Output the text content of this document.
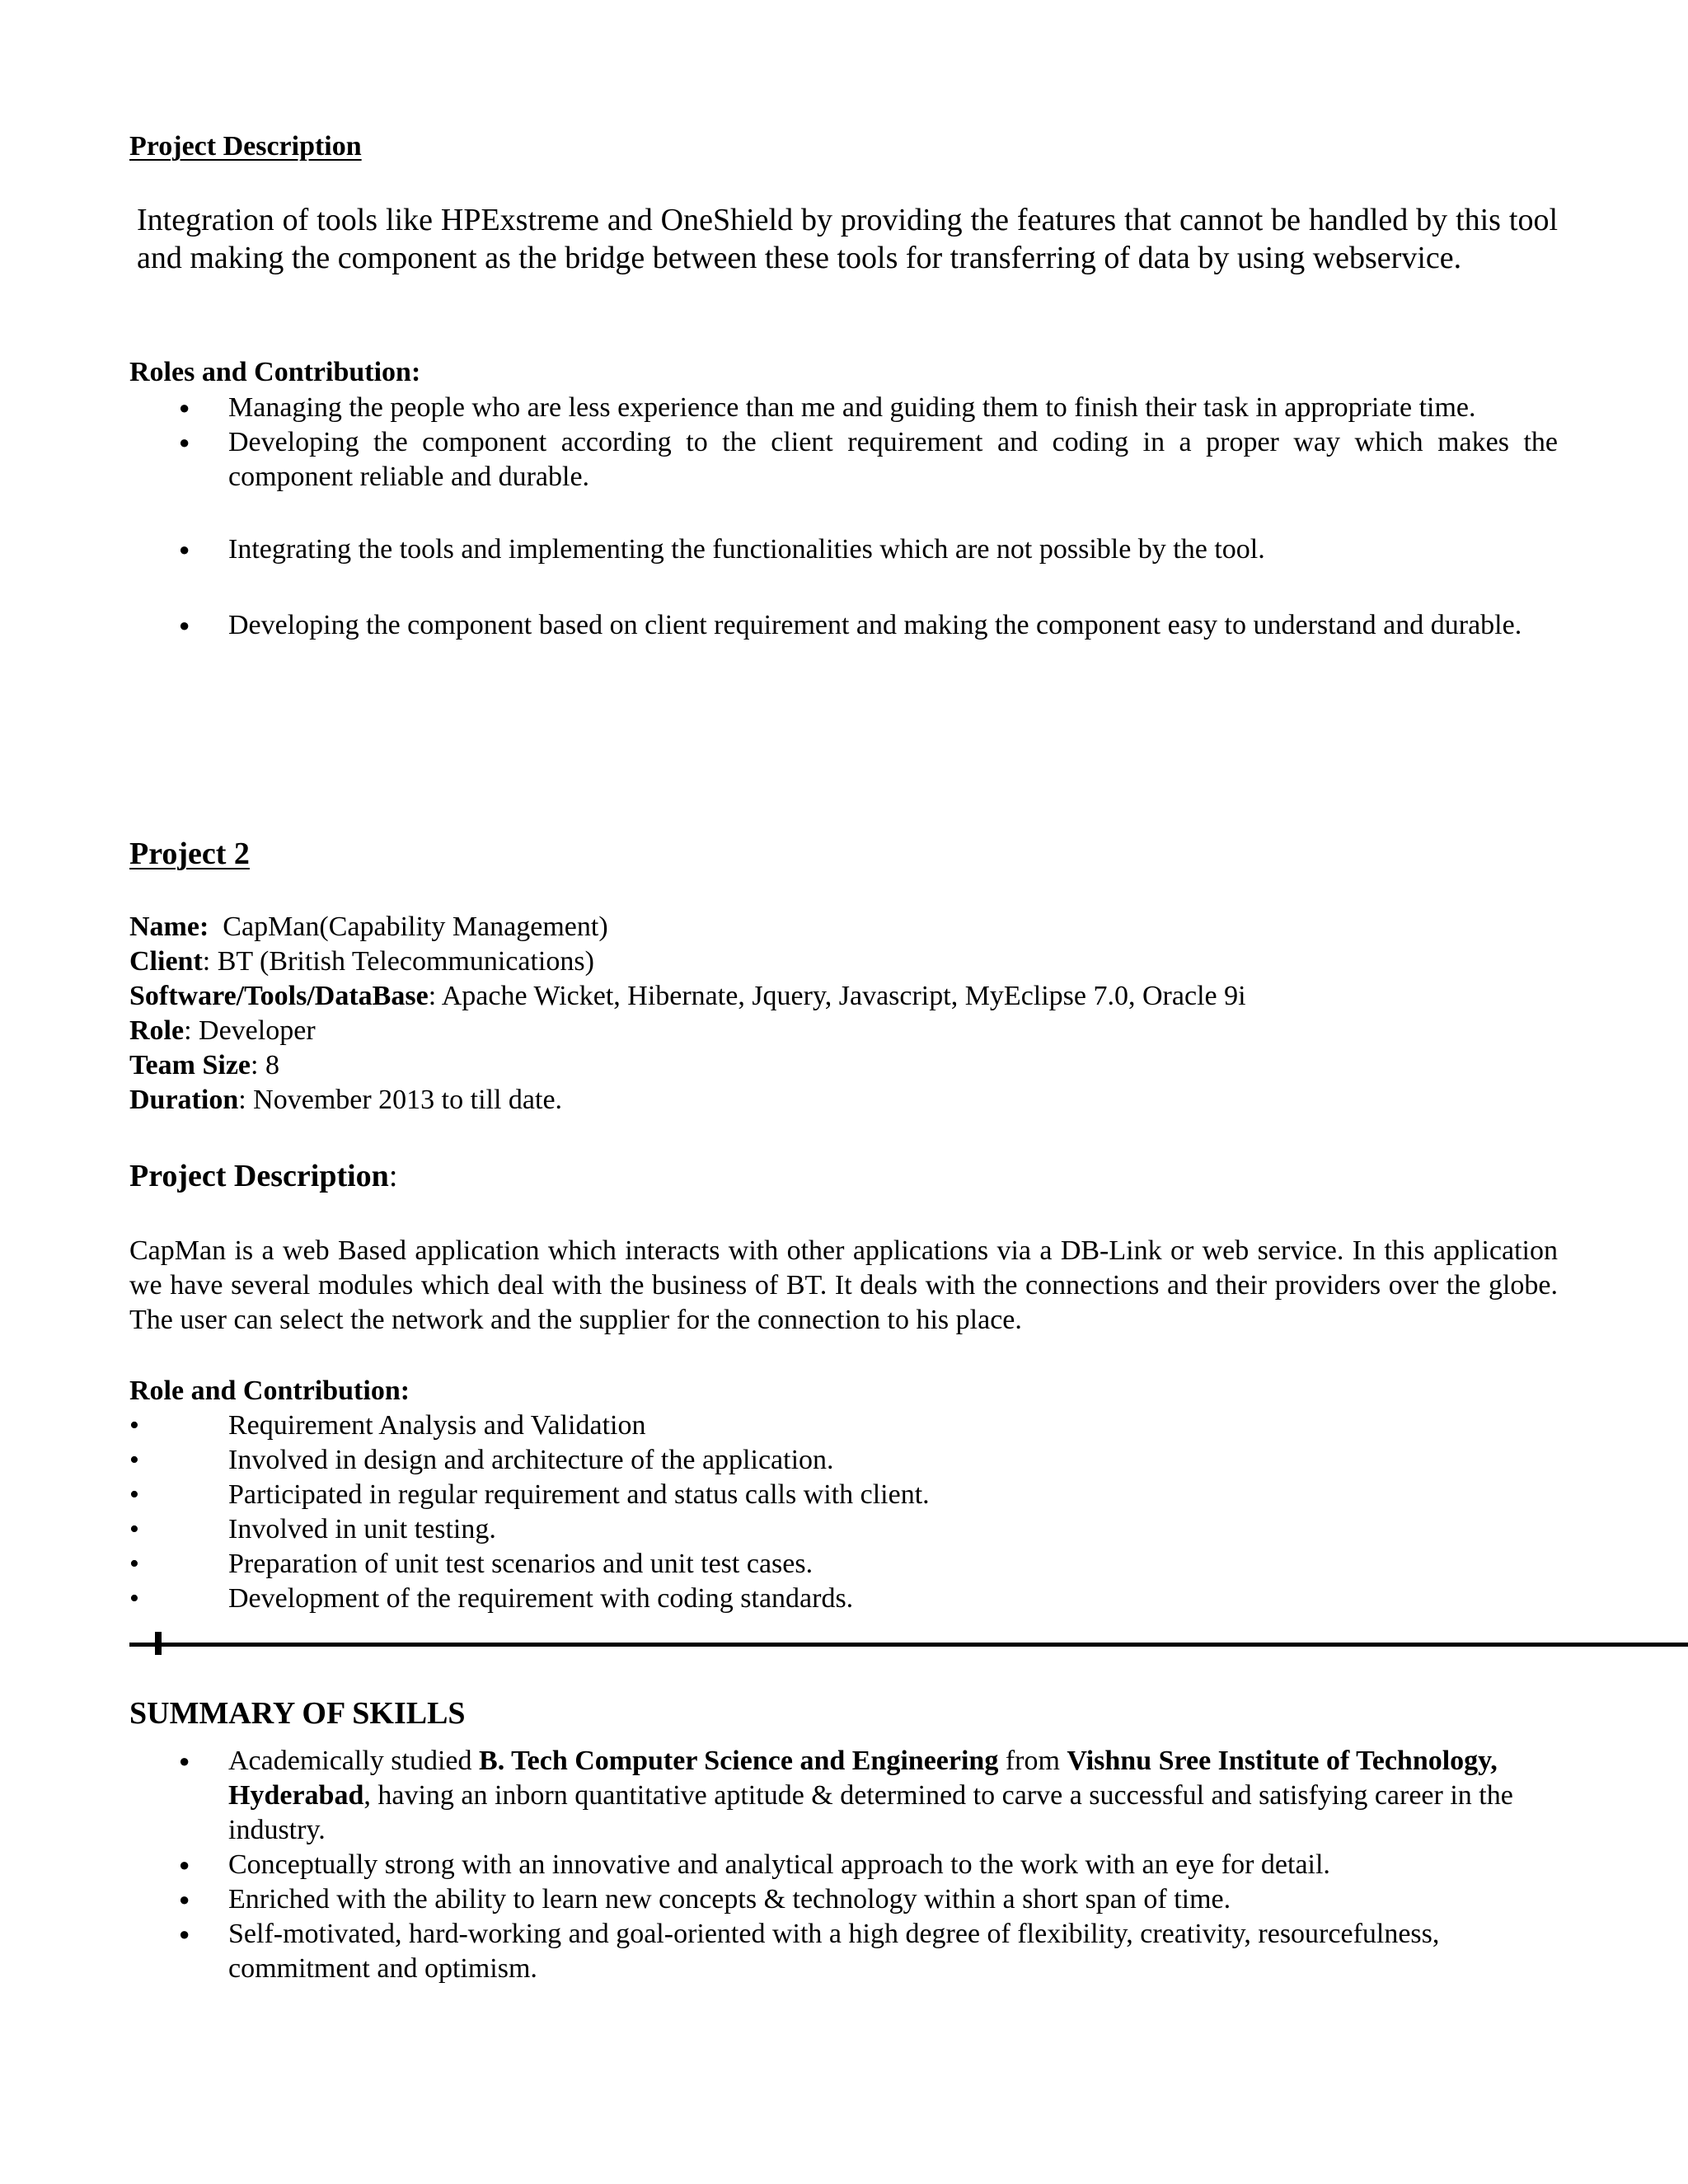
Project Description
Integration of tools like HPExstreme and OneShield by providing the features that cannot be handled by this tool and making the component as the bridge between these tools for transferring of data by using webservice.
Roles and Contribution:
● Managing the people who are less experience than me and guiding them to finish their task in appropriate time.
● Developing the component according to the client requirement and coding in a proper way which makes the component reliable and durable.
● Integrating the tools and implementing the functionalities which are not possible by the tool.
● Developing the component based on client requirement and making the component easy to understand and durable.
Project 2
Name: CapMan(Capability Management)
Client: BT (British Telecommunications)
Software/Tools/DataBase: Apache Wicket, Hibernate, Jquery, Javascript, MyEclipse 7.0, Oracle 9i
Role: Developer
Team Size: 8
Duration: November 2013 to till date.
Project Description:
CapMan is a web Based application which interacts with other applications via a DB-Link or web service. In this application we have several modules which deal with the business of BT. It deals with the connections and their providers over the globe. The user can select the network and the supplier for the connection to his place.
Role and Contribution:
•	Requirement Analysis and Validation
•	Involved in design and architecture of the application.
•	Participated in regular requirement and status calls with client.
•	Involved in unit testing.
•	Preparation of unit test scenarios and unit test cases.
•	Development of the requirement with coding standards.
SUMMARY OF SKILLS
● Academically studied B. Tech Computer Science and Engineering from Vishnu Sree Institute of Technology, Hyderabad, having an inborn quantitative aptitude & determined to carve a successful and satisfying career in the industry.
● Conceptually strong with an innovative and analytical approach to the work with an eye for detail.
● Enriched with the ability to learn new concepts & technology within a short span of time.
● Self-motivated, hard-working and goal-oriented with a high degree of flexibility, creativity, resourcefulness, commitment and optimism.
